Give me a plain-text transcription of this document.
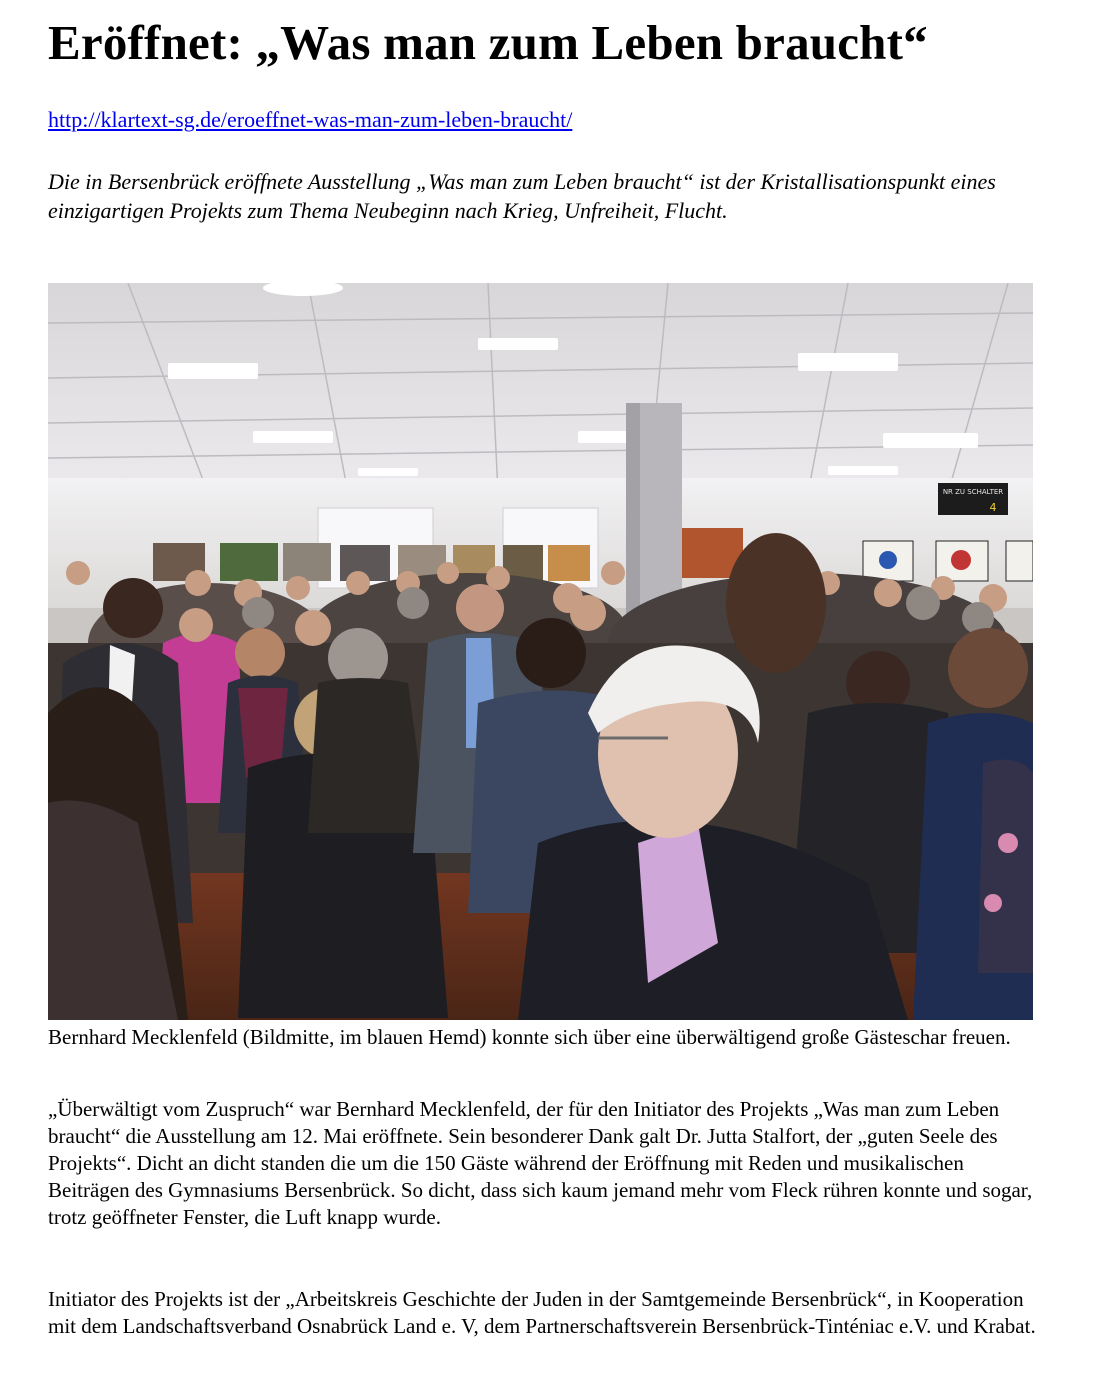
Eröffnet: „Was man zum Leben braucht“
http://klartext-sg.de/eroeffnet-was-man-zum-leben-braucht/

Die in Bersenbrück eröffnete Ausstellung „Was man zum Leben braucht“ ist der Kristallisationspunkt eines einzigartigen Projekts zum Thema Neubeginn nach Krieg, Unfreiheit, Flucht.

NR ZU SCHALTER
4

Bernhard Mecklenfeld (Bildmitte, im blauen Hemd) konnte sich über eine überwältigend große Gästeschar freuen.

„Überwältigt vom Zuspruch“ war Bernhard Mecklenfeld, der für den Initiator des Projekts „Was man zum Leben braucht“ die Ausstellung am 12. Mai eröffnete. Sein besonderer Dank galt Dr. Jutta Stalfort, der „guten Seele des Projekts“. Dicht an dicht standen die um die 150 Gäste während der Eröffnung mit Reden und musikalischen Beiträgen des Gymnasiums Bersenbrück. So dicht, dass sich kaum jemand mehr vom Fleck rühren konnte und sogar, trotz geöffneter Fenster, die Luft knapp wurde.

Initiator des Projekts ist der „Arbeitskreis Geschichte der Juden in der Samtgemeinde Bersenbrück“, in Kooperation mit dem Landschaftsverband Osnabrück Land e. V, dem Partnerschaftsverein Bersenbrück-Tinténiac e.V. und Krabat.
